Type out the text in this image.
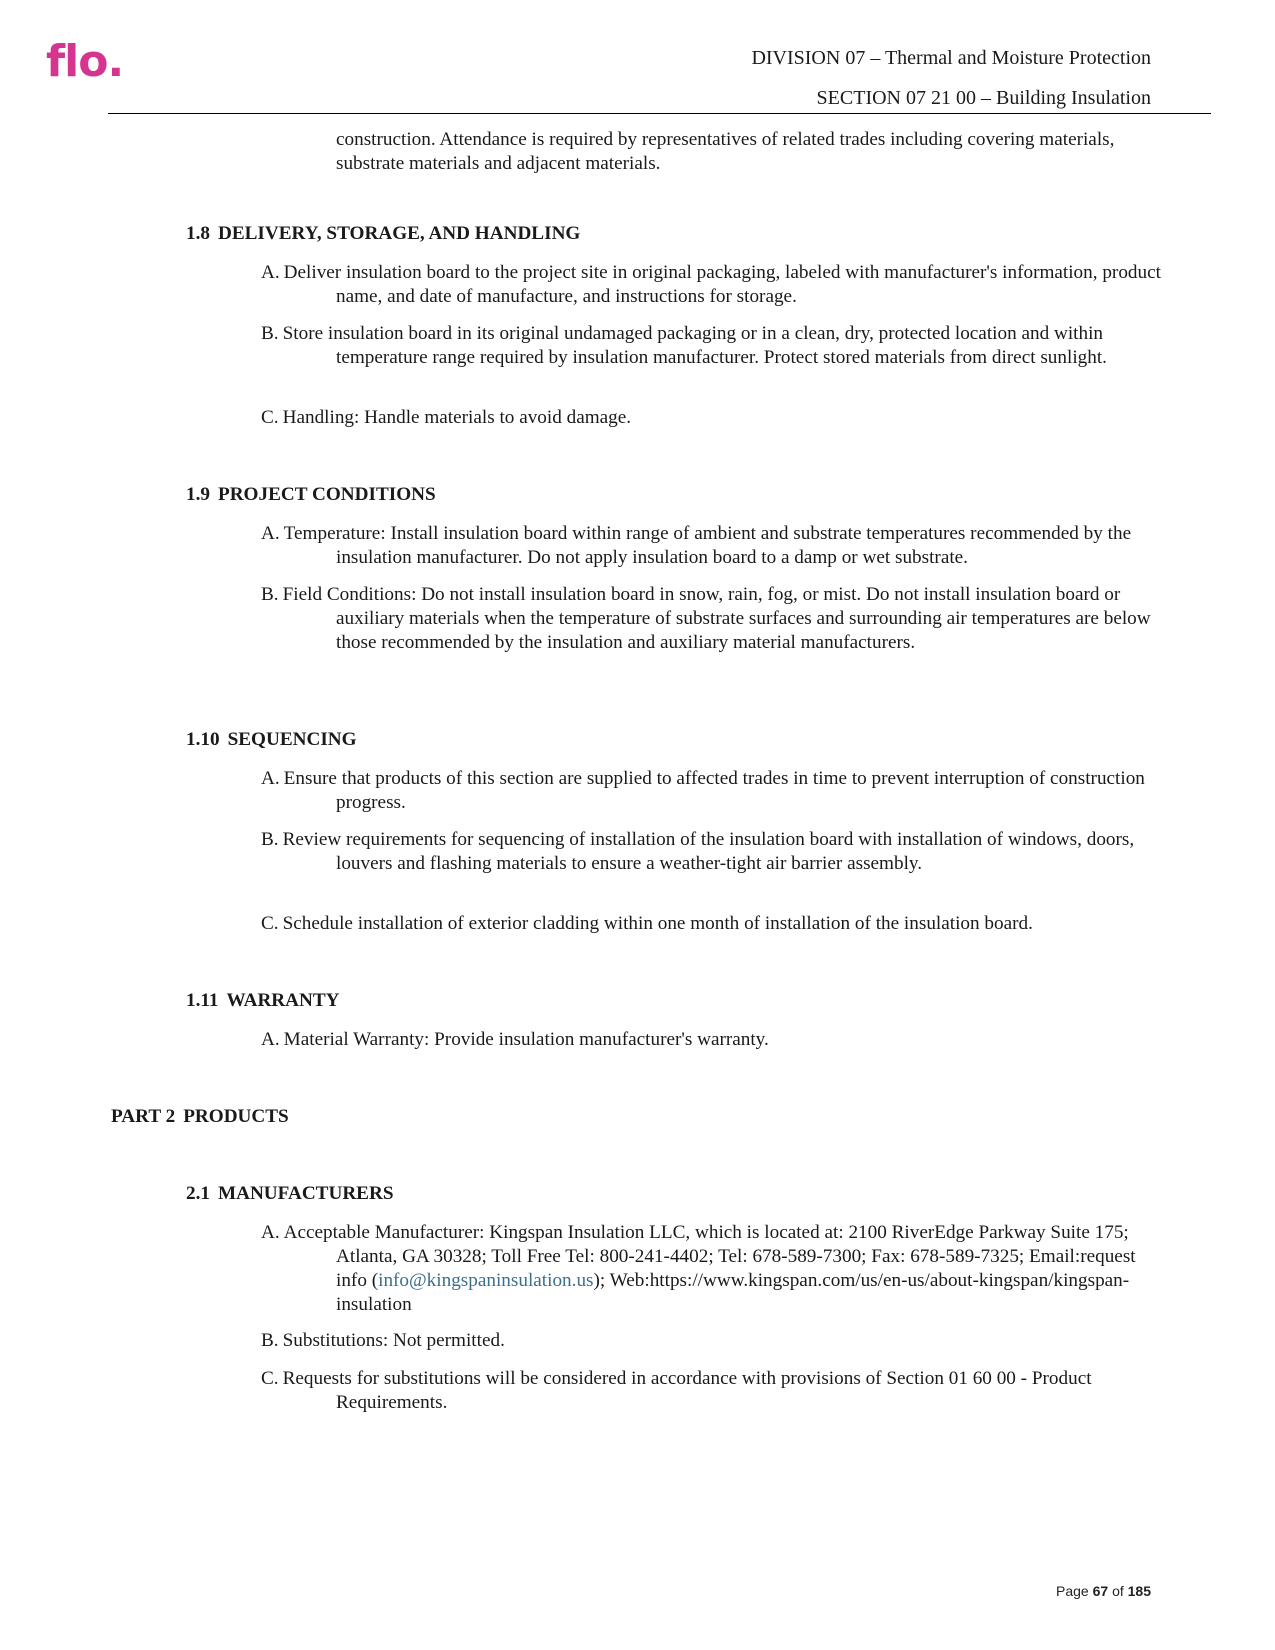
flo.	DIVISION 07 – Thermal and Moisture Protection
SECTION 07 21 00 – Building Insulation
construction. Attendance is required by representatives of related trades including covering materials, substrate materials and adjacent materials.
1.8 DELIVERY, STORAGE, AND HANDLING
A. Deliver insulation board to the project site in original packaging, labeled with manufacturer's information, product name, and date of manufacture, and instructions for storage.
B. Store insulation board in its original undamaged packaging or in a clean, dry, protected location and within temperature range required by insulation manufacturer. Protect stored materials from direct sunlight.
C. Handling: Handle materials to avoid damage.
1.9 PROJECT CONDITIONS
A. Temperature: Install insulation board within range of ambient and substrate temperatures recommended by the insulation manufacturer. Do not apply insulation board to a damp or wet substrate.
B. Field Conditions: Do not install insulation board in snow, rain, fog, or mist. Do not install insulation board or auxiliary materials when the temperature of substrate surfaces and surrounding air temperatures are below those recommended by the insulation and auxiliary material manufacturers.
1.10 SEQUENCING
A. Ensure that products of this section are supplied to affected trades in time to prevent interruption of construction progress.
B. Review requirements for sequencing of installation of the insulation board with installation of windows, doors, louvers and flashing materials to ensure a weather-tight air barrier assembly.
C. Schedule installation of exterior cladding within one month of installation of the insulation board.
1.11 WARRANTY
A. Material Warranty: Provide insulation manufacturer's warranty.
PART 2 PRODUCTS
2.1 MANUFACTURERS
A. Acceptable Manufacturer: Kingspan Insulation LLC, which is located at: 2100 RiverEdge Parkway Suite 175; Atlanta, GA 30328; Toll Free Tel: 800-241-4402; Tel: 678-589-7300; Fax: 678-589-7325; Email:request info (info@kingspaninsulation.us); Web:https://www.kingspan.com/us/en-us/about-kingspan/kingspan-insulation
B. Substitutions: Not permitted.
C. Requests for substitutions will be considered in accordance with provisions of Section 01 60 00 - Product Requirements.
Page 67 of 185
